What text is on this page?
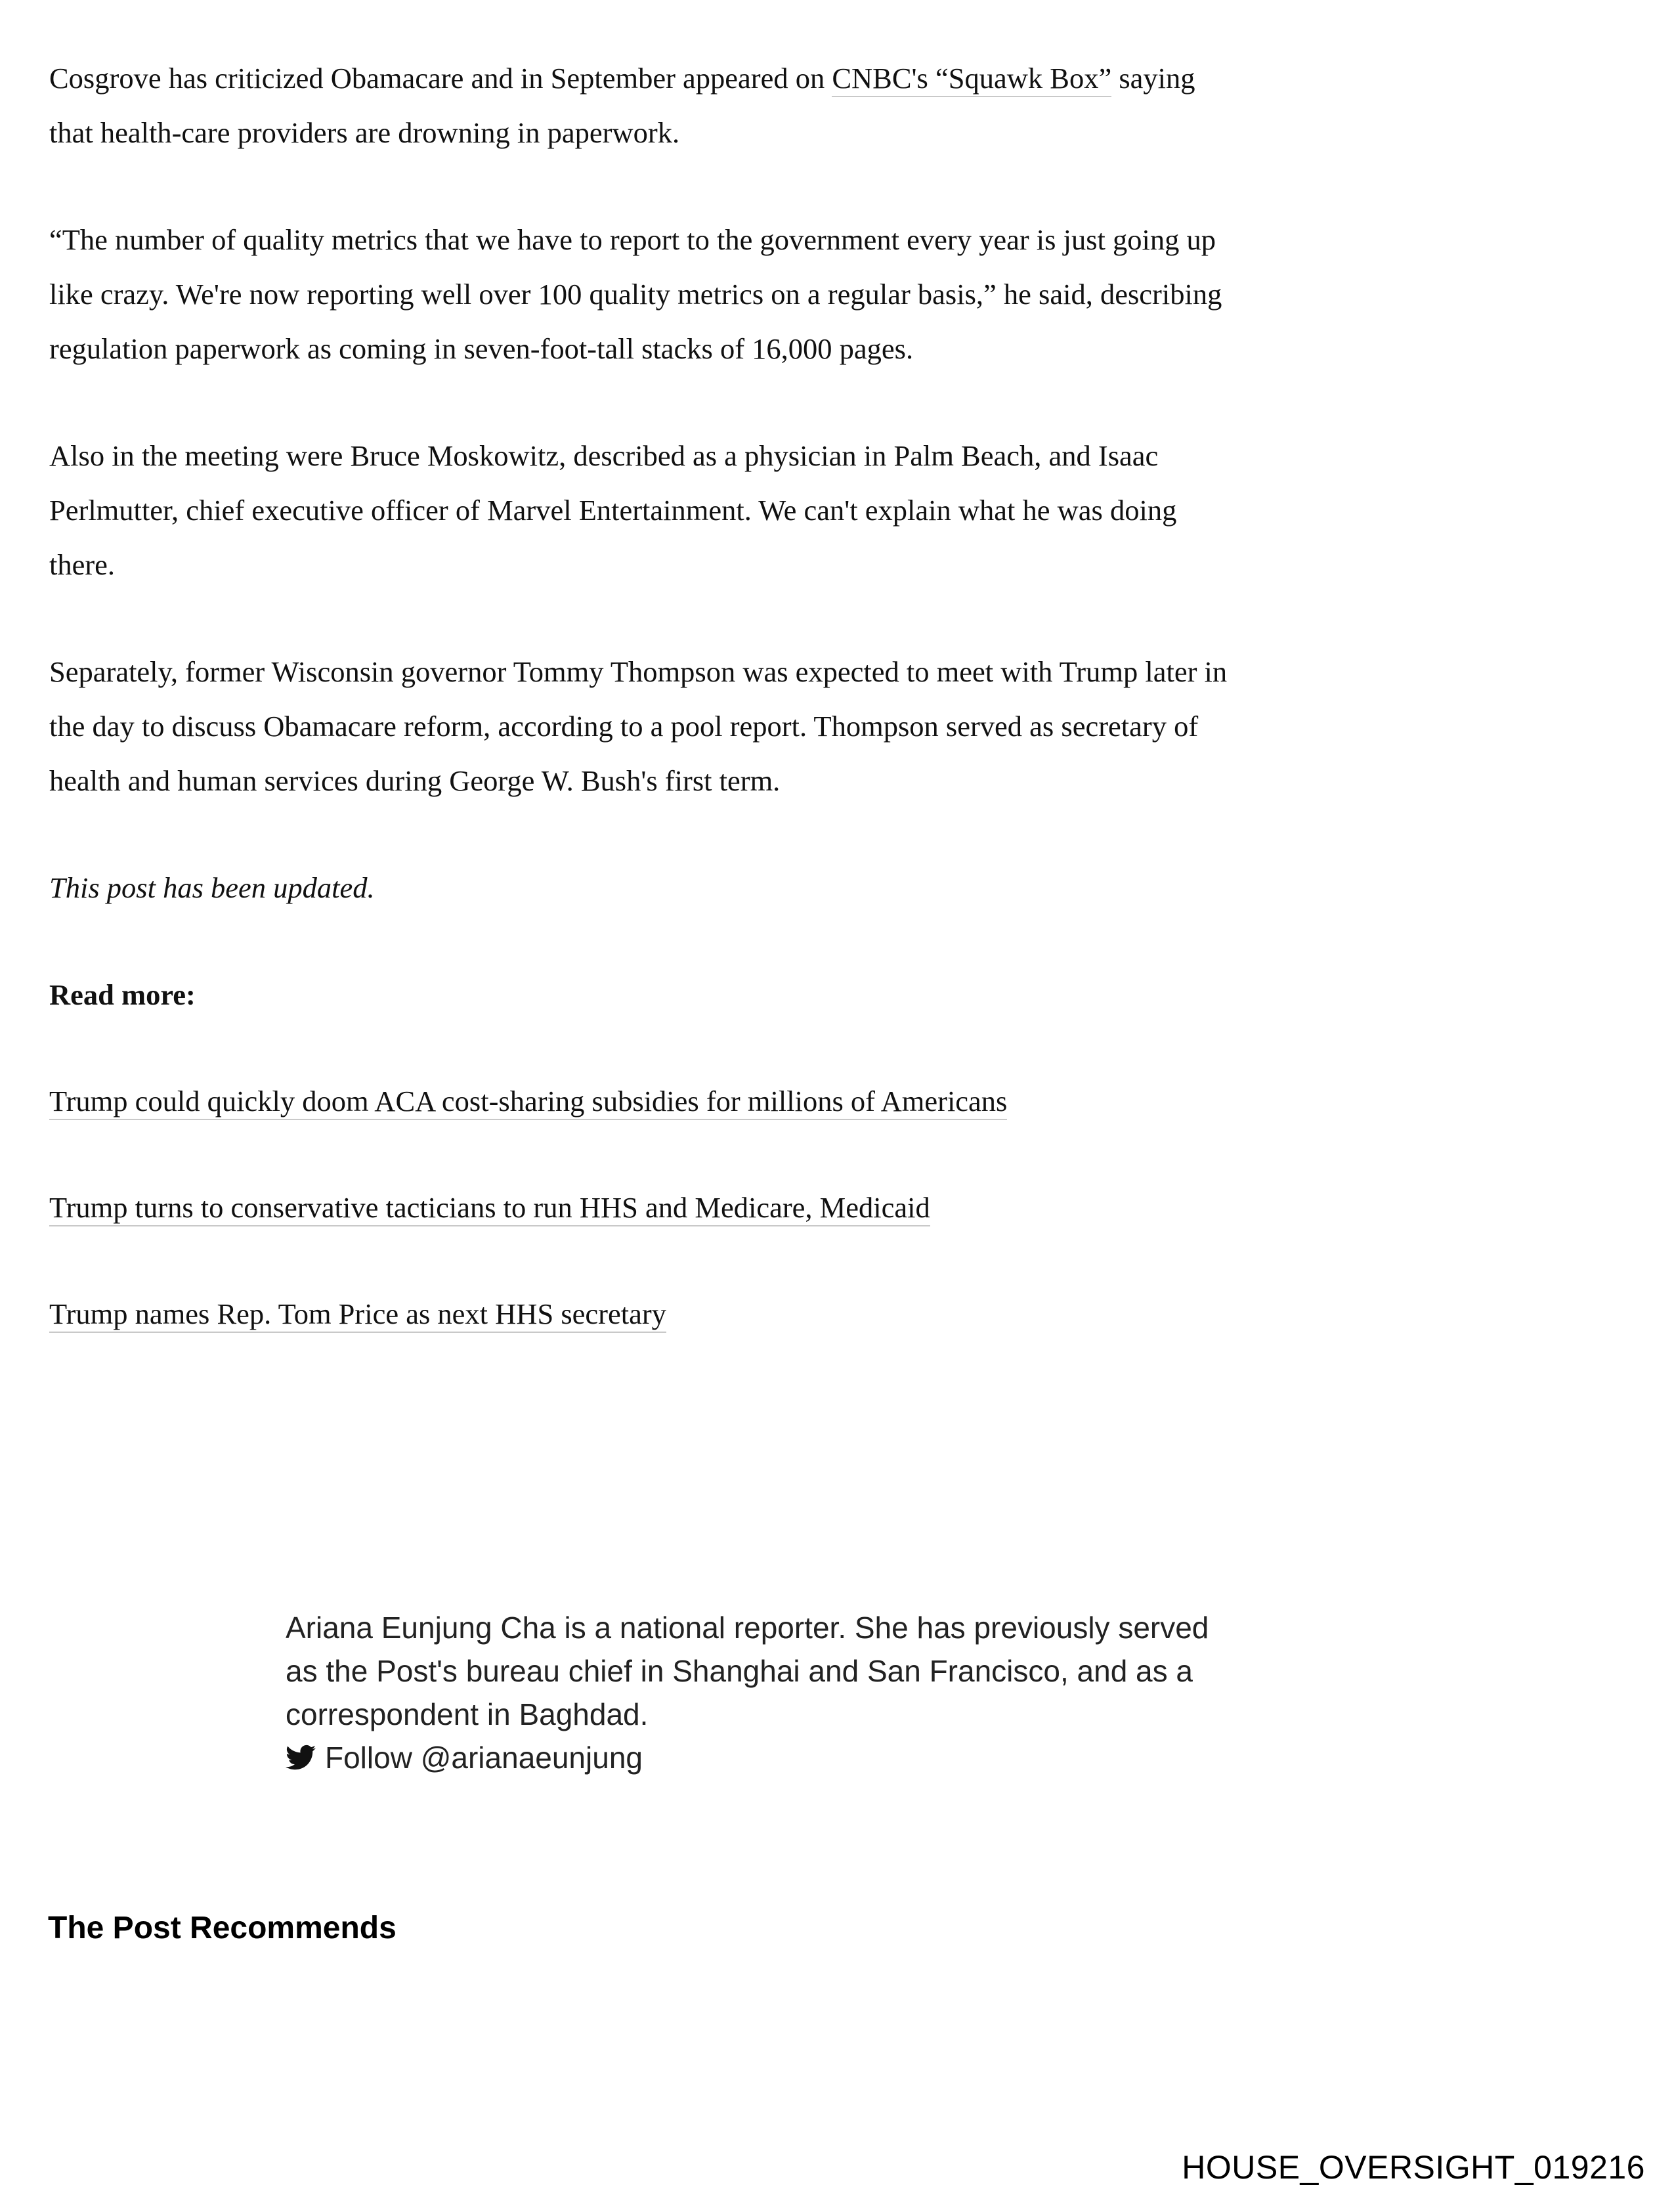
Cosgrove has criticized Obamacare and in September appeared on CNBC's “Squawk Box” saying that health-care providers are drowning in paperwork.

“The number of quality metrics that we have to report to the government every year is just going up like crazy. We're now reporting well over 100 quality metrics on a regular basis,” he said, describing regulation paperwork as coming in seven-foot-tall stacks of 16,000 pages.

Also in the meeting were Bruce Moskowitz, described as a physician in Palm Beach, and Isaac Perlmutter, chief executive officer of Marvel Entertainment. We can't explain what he was doing there.

Separately, former Wisconsin governor Tommy Thompson was expected to meet with Trump later in the day to discuss Obamacare reform, according to a pool report. Thompson served as secretary of health and human services during George W. Bush's first term.

This post has been updated.

Read more:

Trump could quickly doom ACA cost-sharing subsidies for millions of Americans

Trump turns to conservative tacticians to run HHS and Medicare, Medicaid

Trump names Rep. Tom Price as next HHS secretary

Ariana Eunjung Cha is a national reporter. She has previously served as the Post's bureau chief in Shanghai and San Francisco, and as a correspondent in Baghdad.

Follow @arianaeunjung
The Post Recommends
HOUSE_OVERSIGHT_019216
